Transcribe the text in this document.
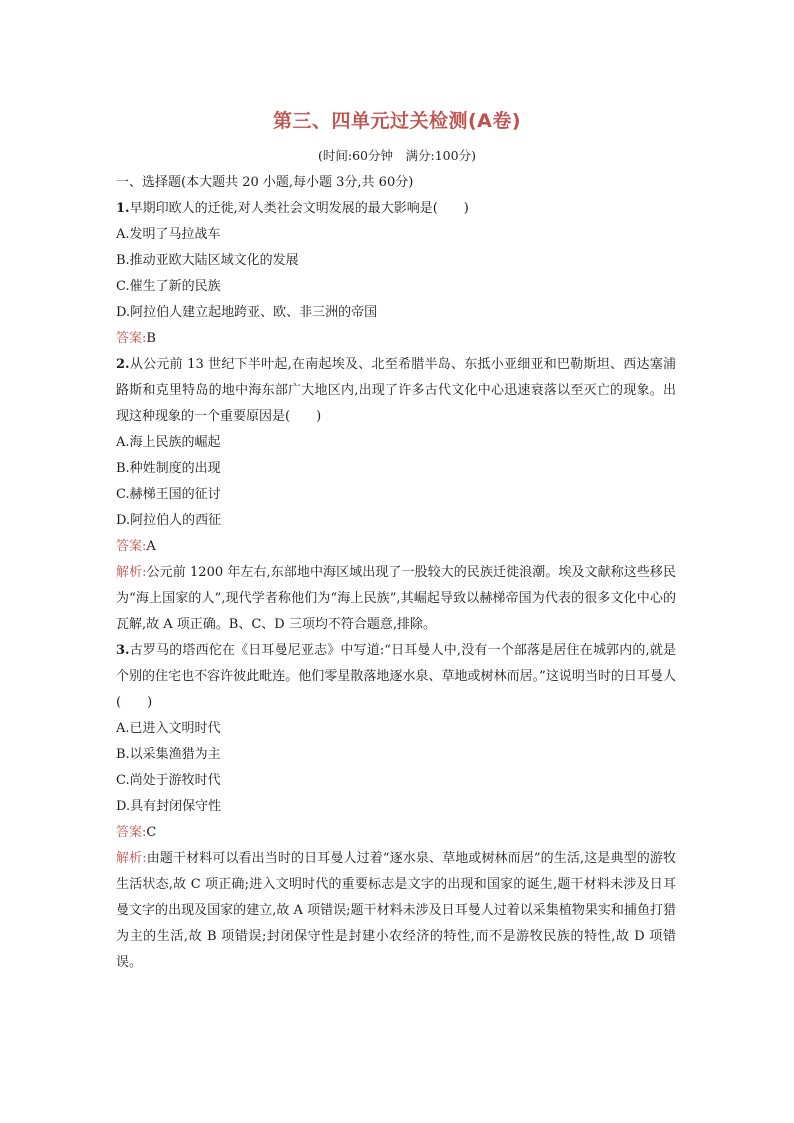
第三、四单元过关检测(A卷)
(时间:60分钟　满分:100分)

一、选择题(本大题共 20 小题,每小题 3分,共 60分)

1.早期印欧人的迁徙,对人类社会文明发展的最大影响是(　　)

A.发明了马拉战车

B.推动亚欧大陆区域文化的发展

C.催生了新的民族

D.阿拉伯人建立起地跨亚、欧、非三洲的帝国

答案:B

2.从公元前 13 世纪下半叶起,在南起埃及、北至希腊半岛、东抵小亚细亚和巴勒斯坦、西达塞浦路斯和克里特岛的地中海东部广大地区内,出现了许多古代文化中心迅速衰落以至灭亡的现象。出现这种现象的一个重要原因是(　　)

A.海上民族的崛起

B.种姓制度的出现

C.赫梯王国的征讨

D.阿拉伯人的西征

答案:A

解析:公元前 1200 年左右,东部地中海区域出现了一股较大的民族迁徙浪潮。埃及文献称这些移民为“海上国家的人”,现代学者称他们为“海上民族”,其崛起导致以赫梯帝国为代表的很多文化中心的瓦解,故 A 项正确。B、C、D 三项均不符合题意,排除。

3.古罗马的塔西佗在《日耳曼尼亚志》中写道:“日耳曼人中,没有一个部落是居住在城郭内的,就是个别的住宅也不容许彼此毗连。他们零星散落地逐水泉、草地或树林而居。”这说明当时的日耳曼人(　　)

A.已进入文明时代

B.以采集渔猎为主

C.尚处于游牧时代

D.具有封闭保守性

答案:C

解析:由题干材料可以看出当时的日耳曼人过着“逐水泉、草地或树林而居”的生活,这是典型的游牧生活状态,故 C 项正确;进入文明时代的重要标志是文字的出现和国家的诞生,题干材料未涉及日耳曼文字的出现及国家的建立,故 A 项错误;题干材料未涉及日耳曼人过着以采集植物果实和捕鱼打猎为主的生活,故 B 项错误;封闭保守性是封建小农经济的特性,而不是游牧民族的特性,故 D 项错误。
